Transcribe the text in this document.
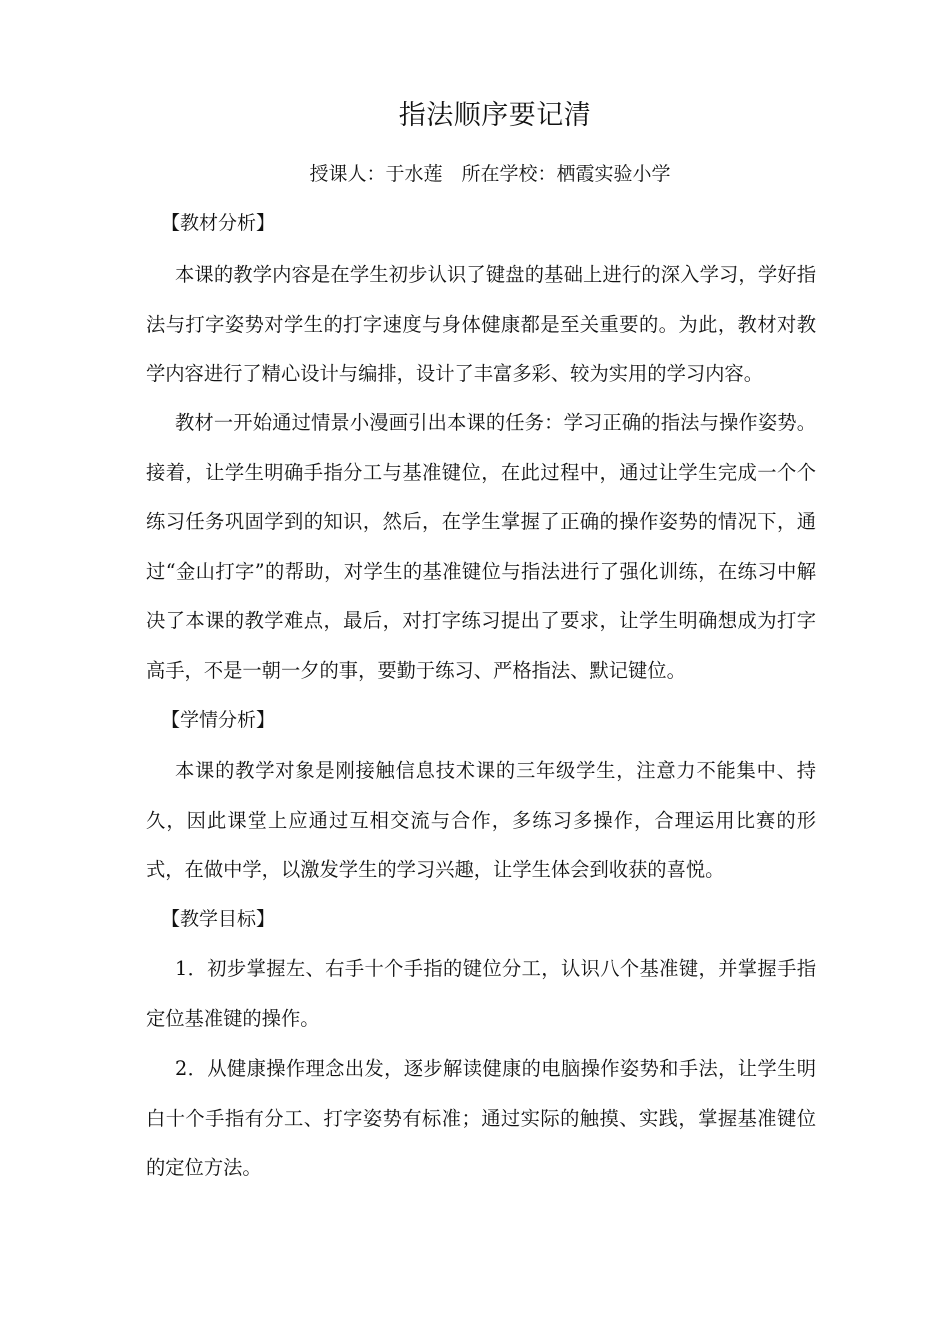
指法顺序要记清
授课人：于水莲　所在学校：栖霞实验小学
【教材分析】

本课的教学内容是在学生初步认识了键盘的基础上进行的深入学习，学好指法与打字姿势对学生的打字速度与身体健康都是至关重要的。为此，教材对教学内容进行了精心设计与编排，设计了丰富多彩、较为实用的学习内容。

教材一开始通过情景小漫画引出本课的任务：学习正确的指法与操作姿势。接着，让学生明确手指分工与基准键位，在此过程中，通过让学生完成一个个练习任务巩固学到的知识，然后，在学生掌握了正确的操作姿势的情况下，通过“金山打字”的帮助，对学生的基准键位与指法进行了强化训练，在练习中解决了本课的教学难点，最后，对打字练习提出了要求，让学生明确想成为打字高手，不是一朝一夕的事，要勤于练习、严格指法、默记键位。

【学情分析】

本课的教学对象是刚接触信息技术课的三年级学生，注意力不能集中、持久，因此课堂上应通过互相交流与合作，多练习多操作，合理运用比赛的形式，在做中学，以激发学生的学习兴趣，让学生体会到收获的喜悦。

【教学目标】

1．初步掌握左、右手十个手指的键位分工，认识八个基准键，并掌握手指定位基准键的操作。

2．从健康操作理念出发，逐步解读健康的电脑操作姿势和手法，让学生明白十个手指有分工、打字姿势有标准；通过实际的触摸、实践，掌握基准键位的定位方法。
